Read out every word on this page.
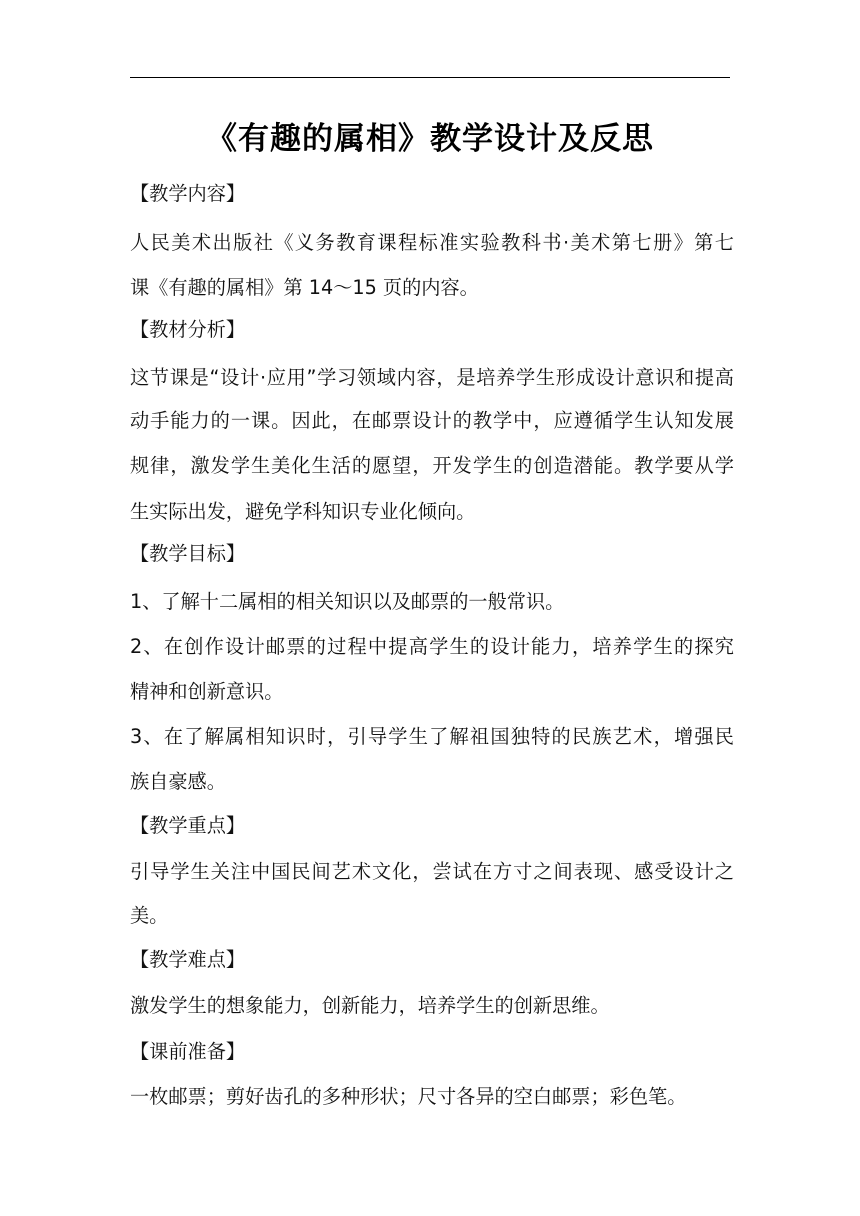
《有趣的属相》教学设计及反思
【教学内容】
人民美术出版社《义务教育课程标准实验教科书·美术第七册》第七
课《有趣的属相》第 14～15 页的内容。
【教材分析】
这节课是“设计·应用”学习领域内容，是培养学生形成设计意识和提高
动手能力的一课。因此，在邮票设计的教学中，应遵循学生认知发展
规律，激发学生美化生活的愿望，开发学生的创造潜能。教学要从学
生实际出发，避免学科知识专业化倾向。
【教学目标】
1、了解十二属相的相关知识以及邮票的一般常识。
2、在创作设计邮票的过程中提高学生的设计能力，培养学生的探究
精神和创新意识。
3、在了解属相知识时，引导学生了解祖国独特的民族艺术，增强民
族自豪感。
【教学重点】
引导学生关注中国民间艺术文化，尝试在方寸之间表现、感受设计之
美。
【教学难点】
激发学生的想象能力，创新能力，培养学生的创新思维。
【课前准备】
一枚邮票；剪好齿孔的多种形状；尺寸各异的空白邮票；彩色笔。
